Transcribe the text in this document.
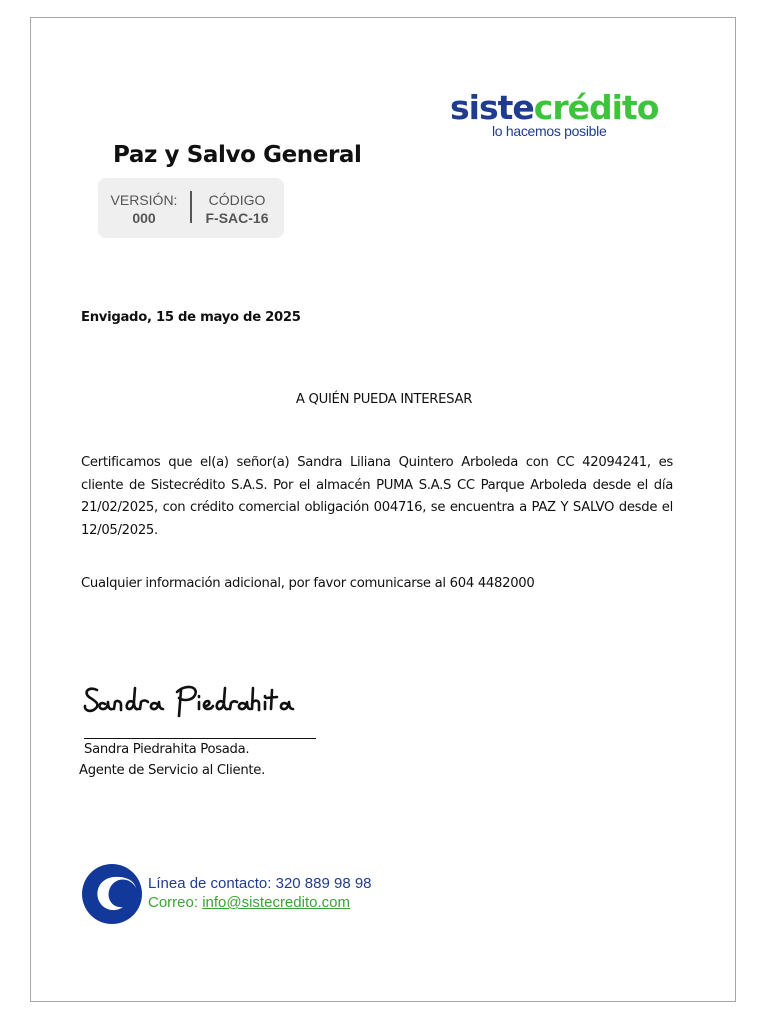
sistecrédito
lo hacemos posible
Paz y Salvo General
VERSIÓN:
000
CÓDIGO
F-SAC-16
Envigado, 15 de mayo de 2025
A QUIÉN PUEDA INTERESAR
Certificamos que el(a) señor(a) Sandra Liliana Quintero Arboleda con CC 42094241, es cliente de Sistecrédito S.A.S. Por el almacén PUMA S.A.S CC Parque Arboleda desde el día 21/02/2025, con crédito comercial obligación 004716, se encuentra a PAZ Y SALVO desde el 12/05/2025.
Cualquier información adicional, por favor comunicarse al 604 4482000
Sandra Piedrahita Posada.
Agente de Servicio al Cliente.
Línea de contacto: 320 889 98 98
Correo: info@sistecredito.com
